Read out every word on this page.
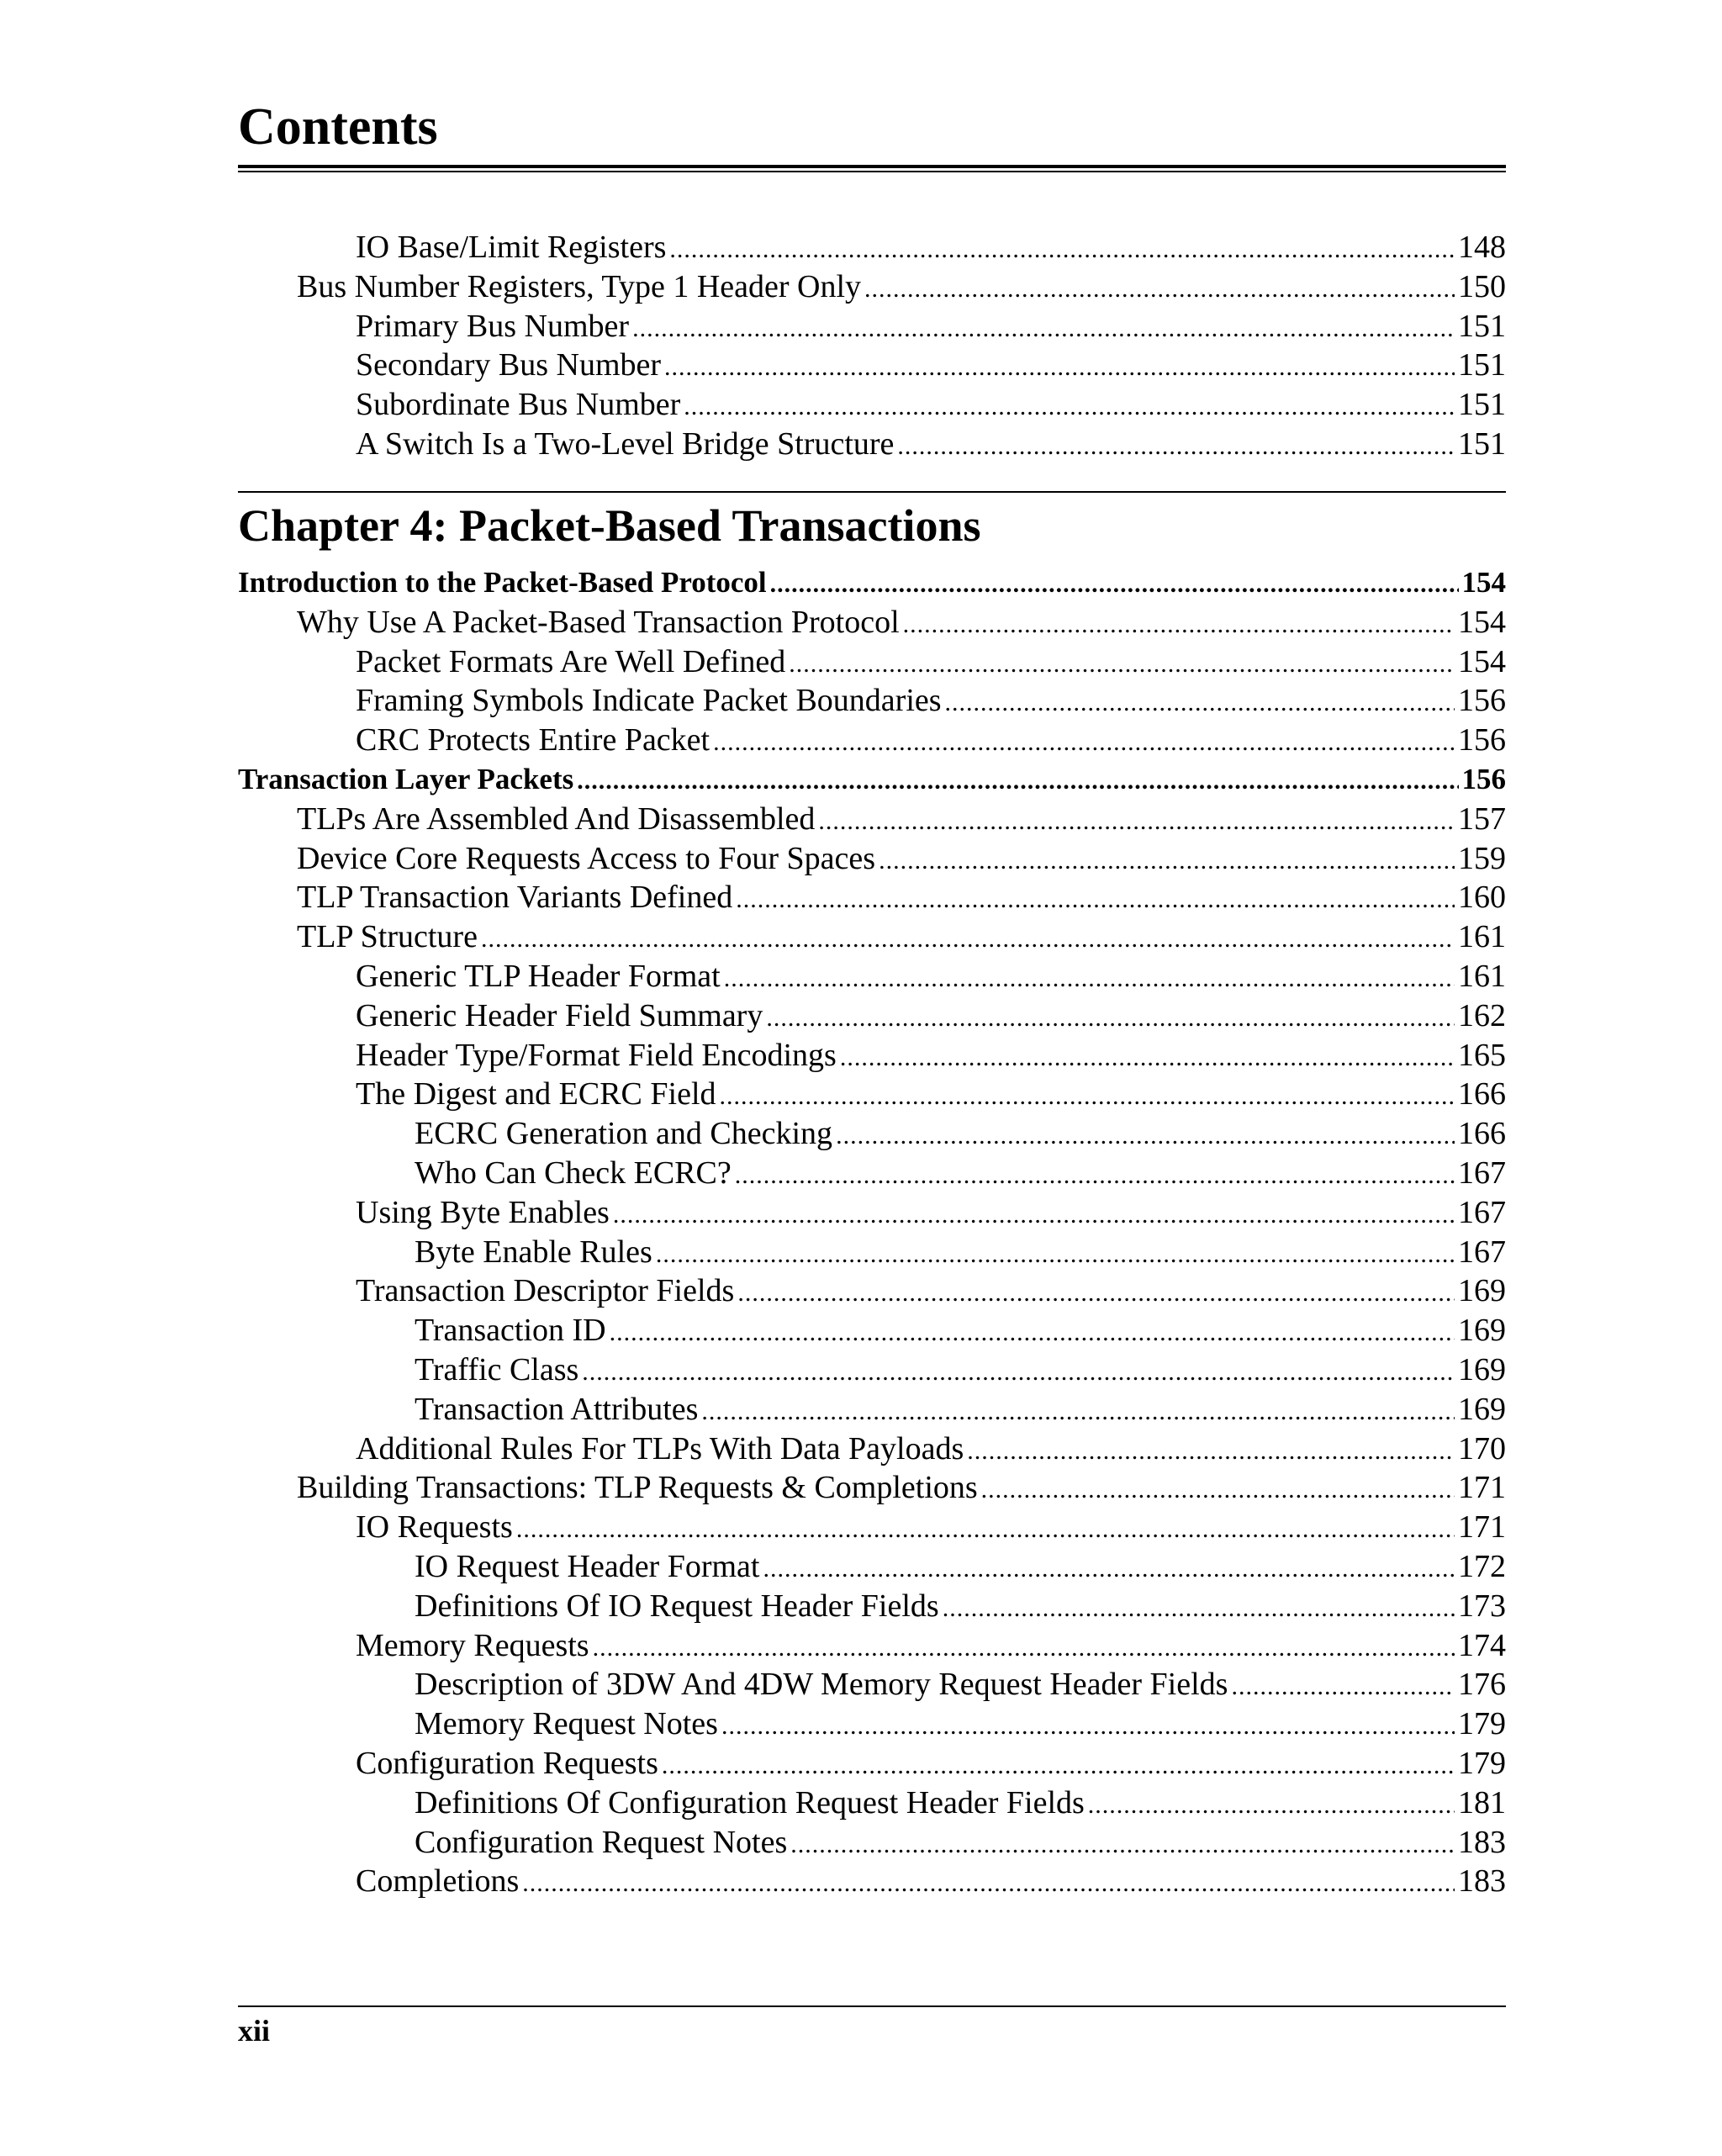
Contents
IO Base/Limit Registers .....	148
Bus Number Registers, Type 1 Header Only .....	150
Primary Bus Number .....	151
Secondary Bus Number .....	151
Subordinate Bus Number .....	151
A Switch Is a Two-Level Bridge Structure .....	151
Chapter 4: Packet-Based Transactions
Introduction to the Packet-Based Protocol .....	154
Why Use A Packet-Based Transaction Protocol .....	154
Packet Formats Are Well Defined .....	154
Framing Symbols Indicate Packet Boundaries .....	156
CRC Protects Entire Packet .....	156
Transaction Layer Packets .....	156
TLPs Are Assembled And Disassembled .....	157
Device Core Requests Access to Four Spaces .....	159
TLP Transaction Variants Defined .....	160
TLP Structure .....	161
Generic TLP Header Format .....	161
Generic Header Field Summary .....	162
Header Type/Format Field Encodings .....	165
The Digest and ECRC Field .....	166
ECRC Generation and Checking .....	166
Who Can Check ECRC? .....	167
Using Byte Enables .....	167
Byte Enable Rules .....	167
Transaction Descriptor Fields .....	169
Transaction ID .....	169
Traffic Class .....	169
Transaction Attributes .....	169
Additional Rules For TLPs With Data Payloads .....	170
Building Transactions: TLP Requests & Completions .....	171
IO Requests .....	171
IO Request Header Format .....	172
Definitions Of IO Request Header Fields .....	173
Memory Requests .....	174
Description of 3DW And 4DW Memory Request Header Fields .....	176
Memory Request Notes .....	179
Configuration Requests .....	179
Definitions Of Configuration Request Header Fields .....	181
Configuration Request Notes .....	183
Completions .....	183
xii
